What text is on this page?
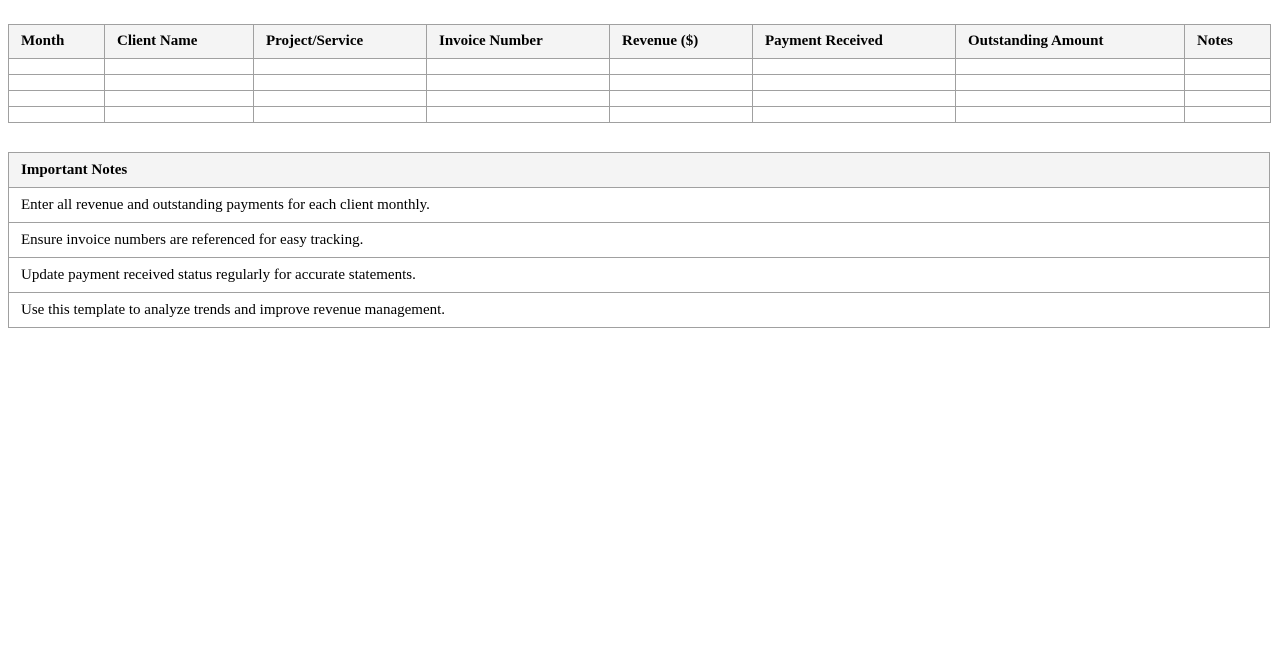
Month	Client Name	Project/Service	Invoice Number	Revenue ($)	Payment Received	Outstanding Amount	Notes

Important Notes
Enter all revenue and outstanding payments for each client monthly.
Ensure invoice numbers are referenced for easy tracking.
Update payment received status regularly for accurate statements.
Use this template to analyze trends and improve revenue management.
